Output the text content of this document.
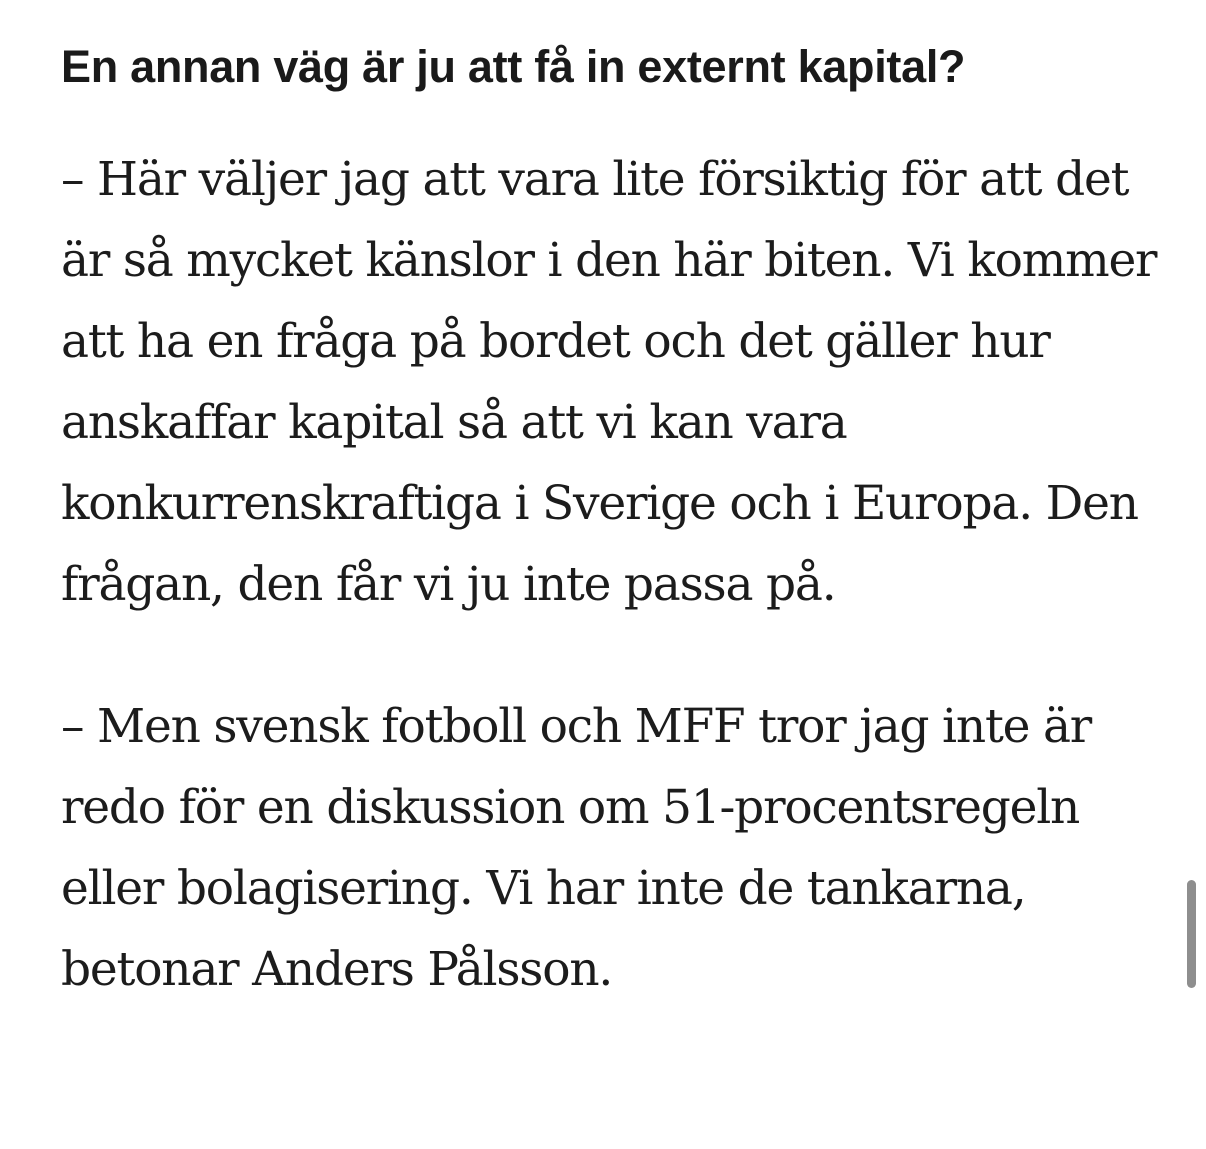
En annan väg är ju att få in externt kapital?

– Här väljer jag att vara lite försiktig för att det är så mycket känslor i den här biten. Vi kommer att ha en fråga på bordet och det gäller hur anskaffar kapital så att vi kan vara konkurrenskraftiga i Sverige och i Europa. Den frågan, den får vi ju inte passa på.

– Men svensk fotboll och MFF tror jag inte är redo för en diskussion om 51-procentsregeln eller bolagisering. Vi har inte de tankarna, betonar Anders Pålsson.
